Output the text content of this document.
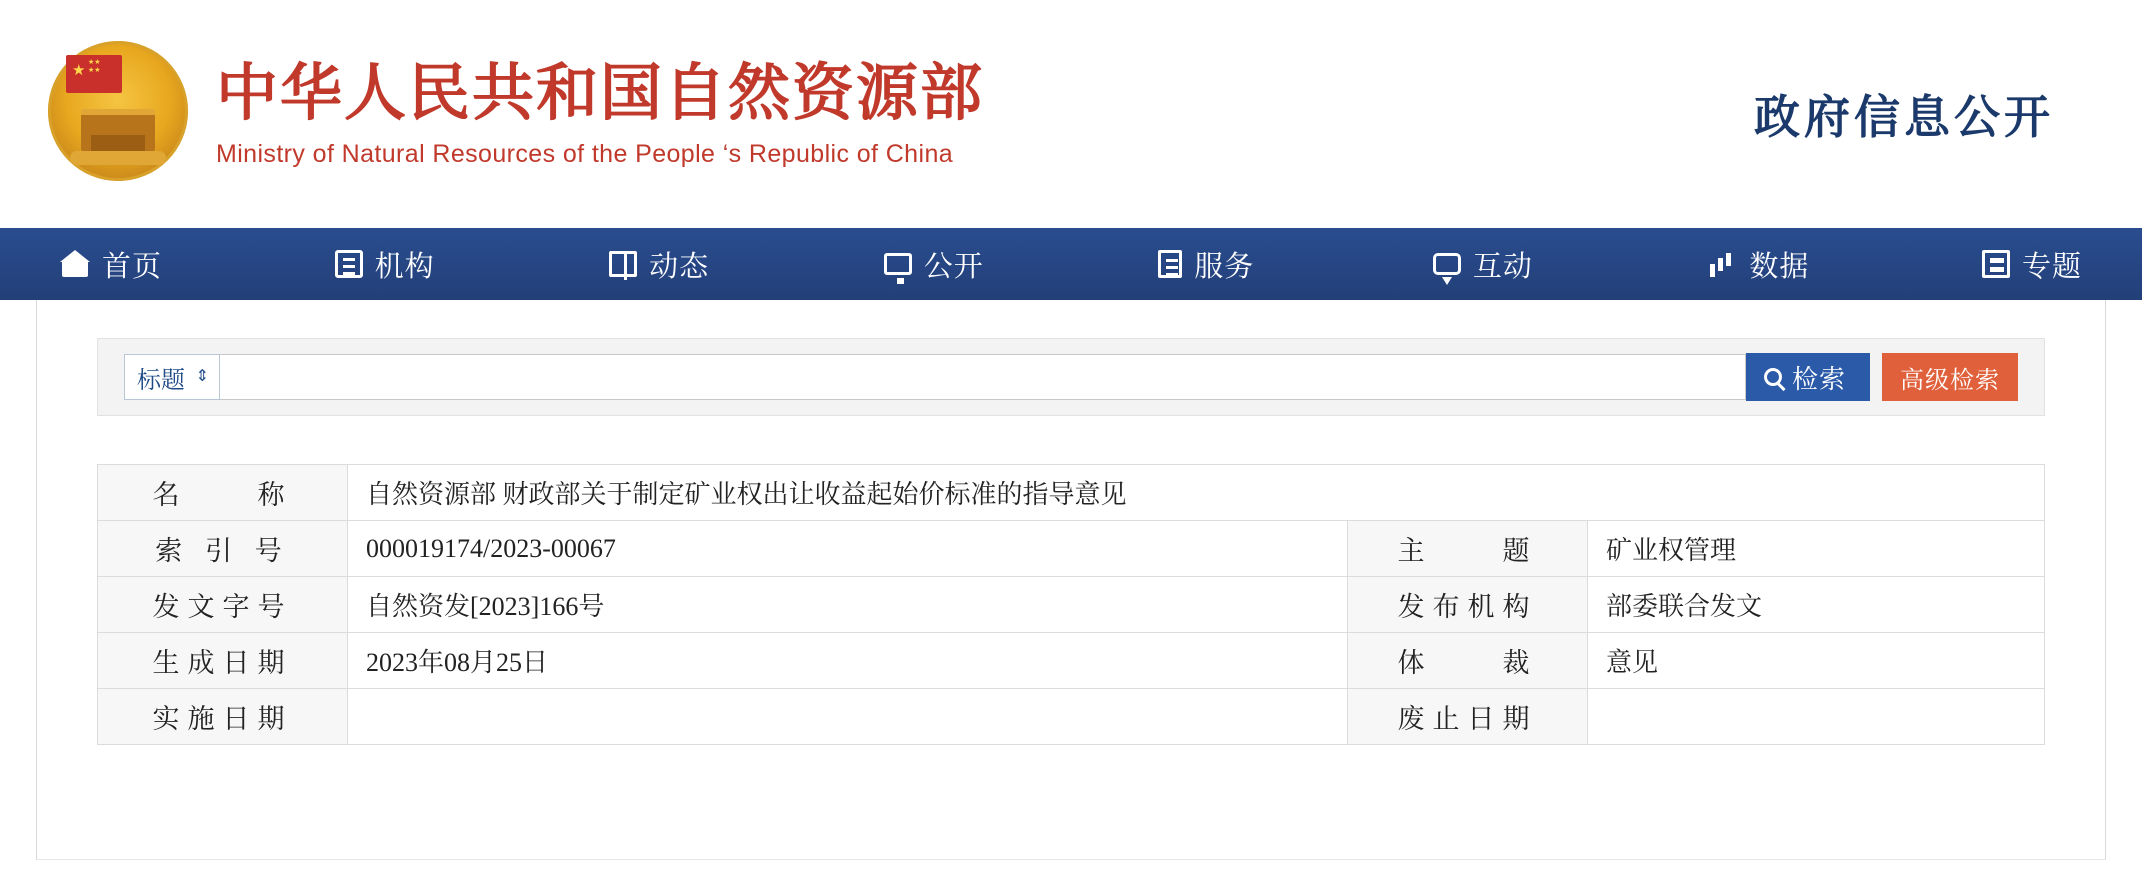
★ ★★
★★ 中华人民共和国自然资源部
Ministry of Natural Resources of the People ‘s Republic of China
政府信息公开
首页	机构	动态	公开	服务	互动	数据	专题
标题 ⇕	检索	高级检索
名　　称	自然资源部 财政部关于制定矿业权出让收益起始价标准的指导意见		
索 引 号	000019174/2023-00067	主　　题	矿业权管理
发文字号	自然资发[2023]166号	发布机构	部委联合发文
生成日期	2023年08月25日	体　　裁	意见
实施日期		废止日期	
